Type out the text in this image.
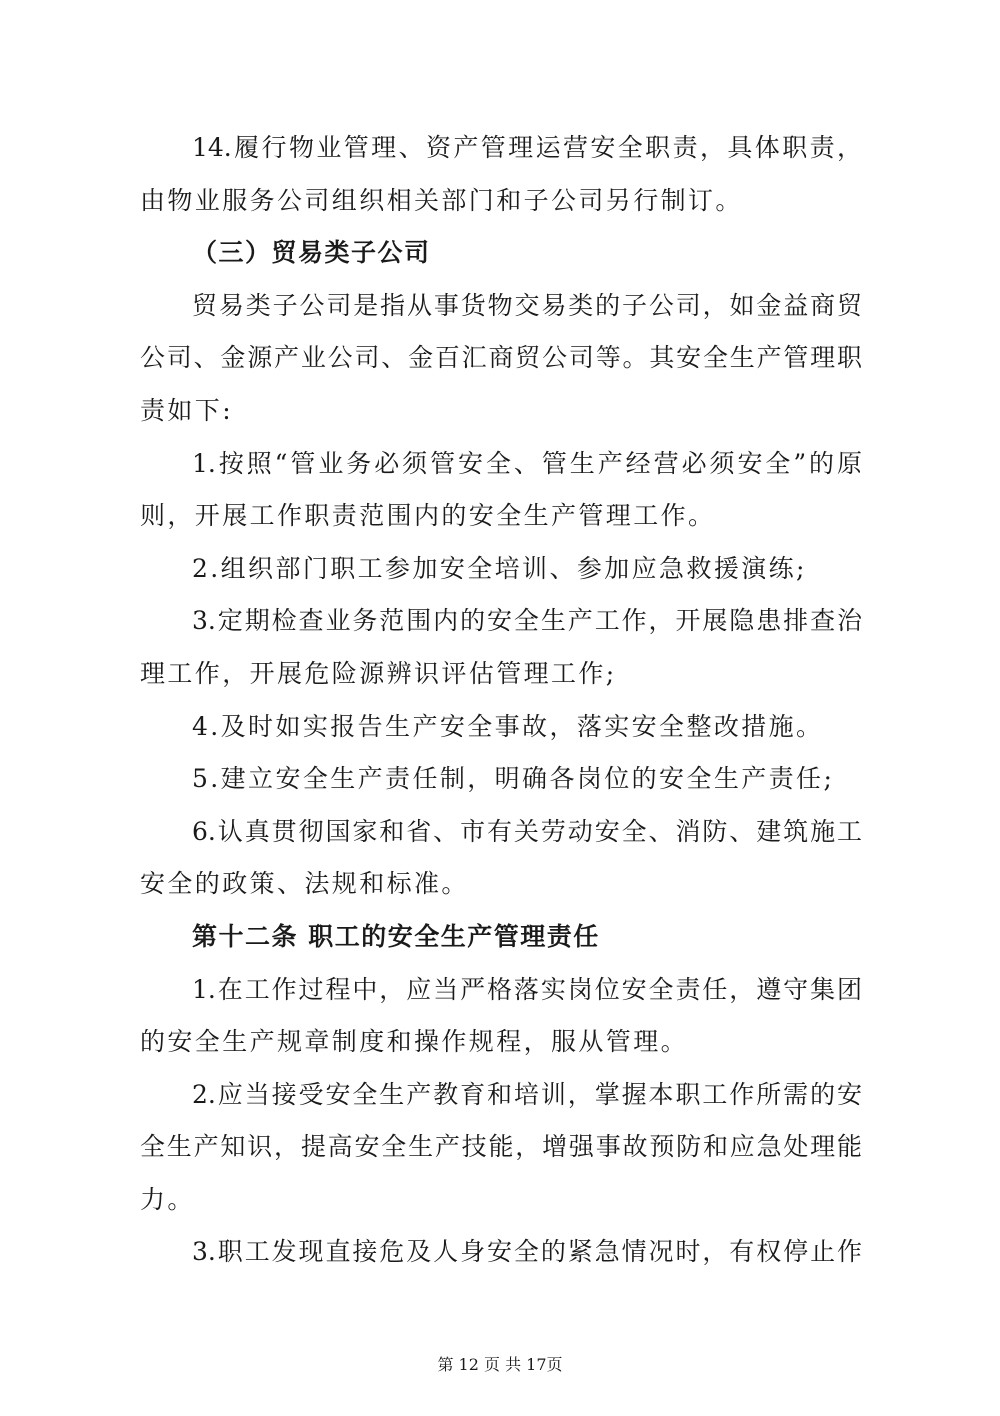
14.履行物业管理、资产管理运营安全职责，具体职责，
由物业服务公司组织相关部门和子公司另行制订。
（三）贸易类子公司
贸易类子公司是指从事货物交易类的子公司，如金益商贸
公司、金源产业公司、金百汇商贸公司等。其安全生产管理职
责如下:
1.按照“管业务必须管安全、管生产经营必须安全”的原
则，开展工作职责范围内的安全生产管理工作。
2.组织部门职工参加安全培训、参加应急救援演练;
3.定期检查业务范围内的安全生产工作，开展隐患排查治
理工作，开展危险源辨识评估管理工作;
4.及时如实报告生产安全事故，落实安全整改措施。
5.建立安全生产责任制，明确各岗位的安全生产责任;
6.认真贯彻国家和省、市有关劳动安全、消防、建筑施工
安全的政策、法规和标准。
第十二条 职工的安全生产管理责任
1.在工作过程中，应当严格落实岗位安全责任，遵守集团
的安全生产规章制度和操作规程，服从管理。
2.应当接受安全生产教育和培训，掌握本职工作所需的安
全生产知识，提高安全生产技能，增强事故预防和应急处理能
力。
3.职工发现直接危及人身安全的紧急情况时，有权停止作
第 12 页 共 17页
